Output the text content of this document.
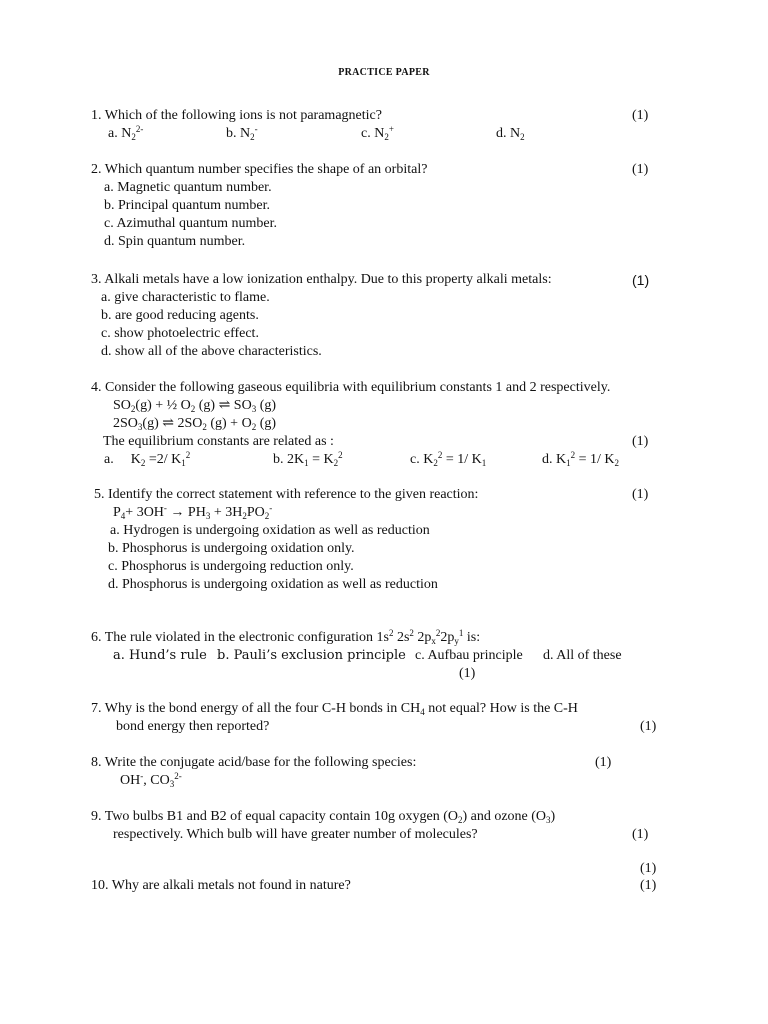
PRACTICE PAPER
1. Which of the following ions is not paramagnetic?	(1)
a. $N_2^{2-}$	b. $N_2^-$	c. $N_2^+$	d. $N_2$
2. Which quantum number specifies the shape of an orbital?	(1)
a. Magnetic quantum number.
b. Principal quantum number.
c. Azimuthal quantum number.
d. Spin quantum number.
3. Alkali metals have a low ionization enthalpy. Due to this property alkali metals:	(1)
a. give characteristic to flame.
b. are good reducing agents.
c. show photoelectric effect.
d. show all of the above characteristics.
4. Consider the following gaseous equilibria with equilibrium constants 1 and 2 respectively.
$SO_2(g)$ + ½ $O_2$ (g) ⇌ $SO_3$ (g)
$2SO_3(g)$ ⇌ $2SO_2$ $(g) + O_2$ (g)
The equilibrium constants are related as :	(1)
a. $K_2 =2/$ $K_1^2$	b. $2K_1 = K_2^2$	c. $K_2^2 = 1/$ $K_1$	d. $K_1^2 = 1/$ $K_2$
5. Identify the correct statement with reference to the given reaction:	(1)
$P_4+ 3OH^- \to PH_3 + 3H_2PO_2^-$
a. Hydrogen is undergoing oxidation as well as reduction
b. Phosphorus is undergoing oxidation only.
c. Phosphorus is undergoing reduction only.
d. Phosphorus is undergoing oxidation as well as reduction
6. The rule violated in the electronic configuration $1s^2$ $2s^2$ $2p_x^22p_y^1$ is:
a. Hund’s rule b. Pauli’s exclusion principle c. Aufbau principle d. All of these
(1)
7. Why is the bond energy of all the four C-H bonds in $CH_4$ not equal? How is the C-H
bond energy then reported?	(1)
8. Write the conjugate acid/base for the following species:	(1)
OH-, $CO_3^{2-}$
9. Two bulbs B1 and B2 of equal capacity contain 10g oxygen $(O_2)$ and ozone $(O_3)$
respectively. Which bulb will have greater number of molecules?	(1)
(1)
10. Why are alkali metals not found in nature?	(1)
